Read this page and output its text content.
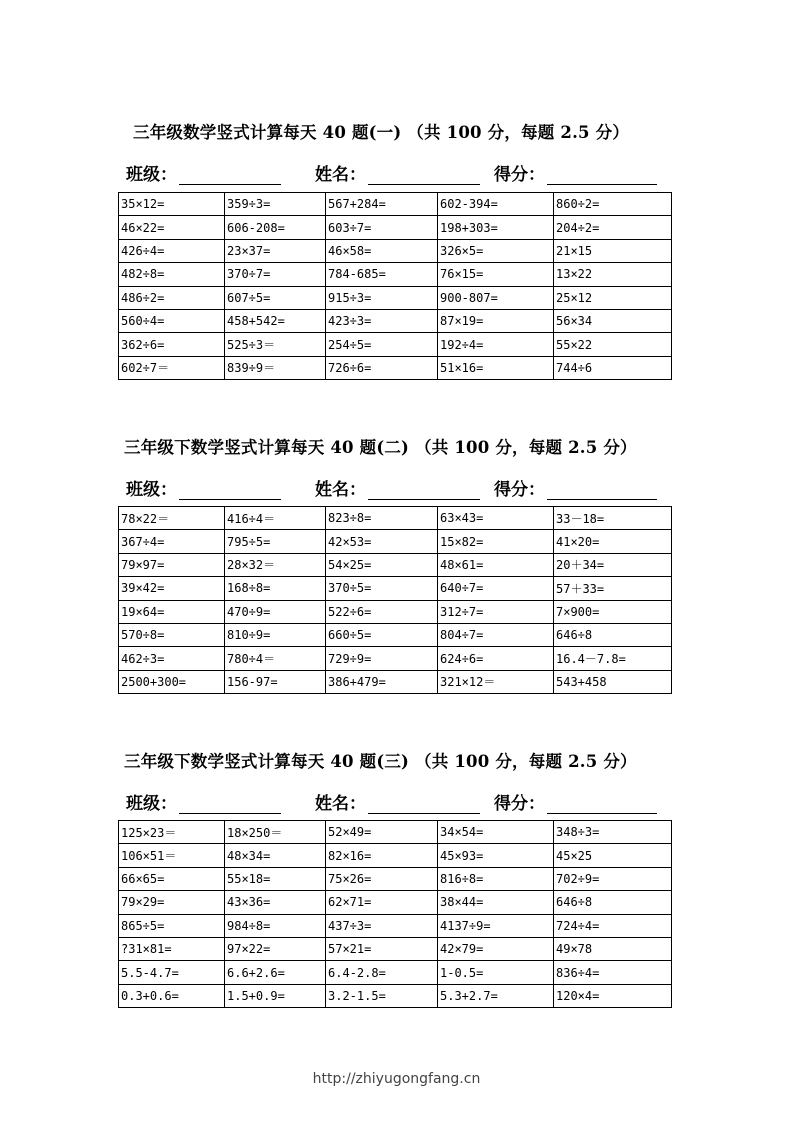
三年级数学竖式计算每天 40 题(一) （共 100 分，每题 2.5 分）
班级：	姓名：	得分：
35×12=	359÷3=	567+284=	602-394=	860÷2=
46×22=	606-208=	603÷7=	198+303=	204÷2=
426÷4=	23×37=	46×58=	326×5=	21×15
482÷8=	370÷7=	784-685=	76×15=	13×22
486÷2=	607÷5=	915÷3=	900-807=	25×12
560÷4=	458+542=	423÷3=	87×19=	56×34
362÷6=	525÷3＝	254÷5=	192÷4=	55×22
602÷7＝	839÷9＝	726÷6=	51×16=	744÷6
三年级下数学竖式计算每天 40 题(二) （共 100 分，每题 2.5 分）
班级：	姓名：	得分：
78×22＝	416÷4＝	823÷8=	63×43=	33－18=
367÷4=	795÷5=	42×53=	15×82=	41×20=
79×97=	28×32＝	54×25=	48×61=	20＋34=
39×42=	168÷8=	370÷5=	640÷7=	57＋33=
19×64=	470÷9=	522÷6=	312÷7=	7×900=
570÷8=	810÷9=	660÷5=	804÷7=	646÷8
462÷3=	780÷4＝	729÷9=	624÷6=	16.4－7.8=
2500+300=	156-97=	386+479=	321×12＝	543+458
三年级下数学竖式计算每天 40 题(三) （共 100 分，每题 2.5 分）
班级：	姓名：	得分：
125×23＝	18×250＝	52×49=	34×54=	348÷3=
106×51＝	48×34=	82×16=	45×93=	45×25
66×65=	55×18=	75×26=	816÷8=	702÷9=
79×29=	43×36=	62×71=	38×44=	646÷8
865÷5=	984÷8=	437÷3=	4137÷9=	724÷4=
?31×81=	97×22=	57×21=	42×79=	49×78
5.5-4.7=	6.6+2.6=	6.4-2.8=	1-0.5=	836÷4=
0.3+0.6=	1.5+0.9=	3.2-1.5=	5.3+2.7=	120×4=
http://zhiyugongfang.cn
